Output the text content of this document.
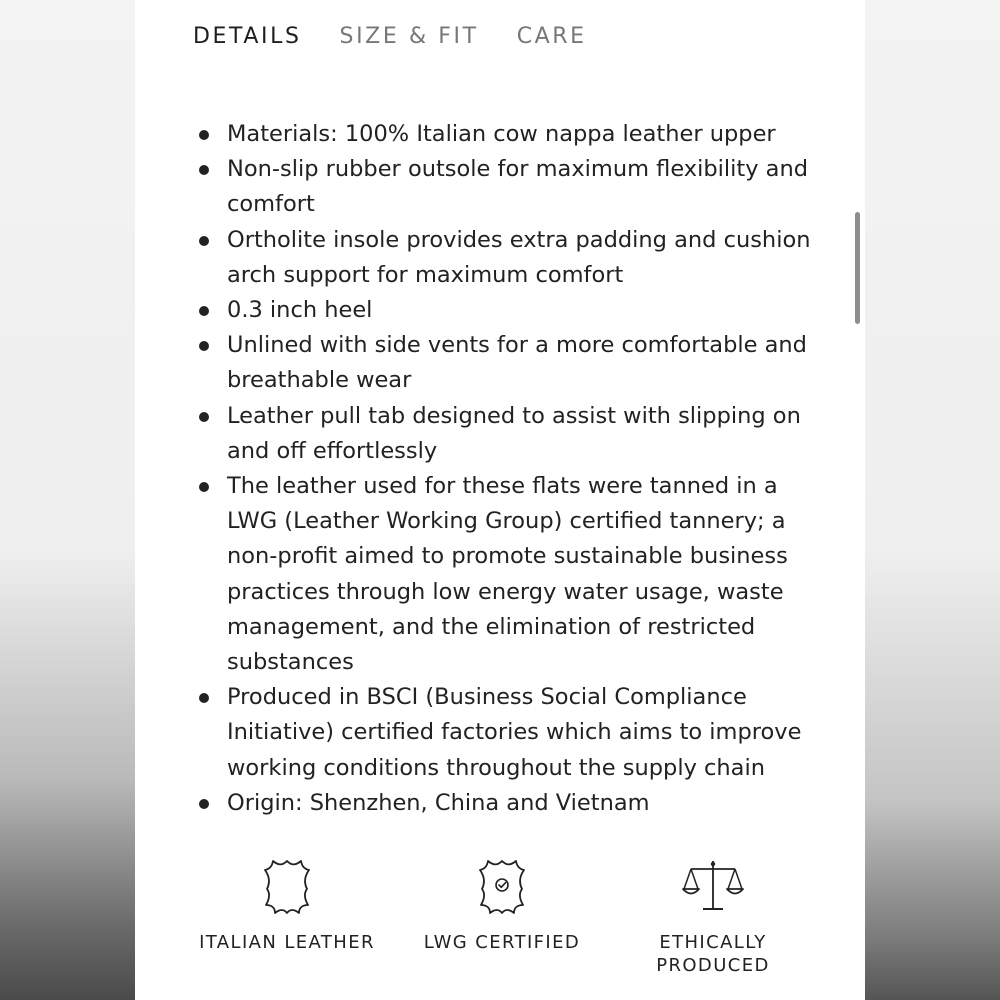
DETAILS SIZE & FIT CARE
Materials: 100% Italian cow nappa leather upper
Non-slip rubber outsole for maximum flexibility and comfort
Ortholite insole provides extra padding and cushion arch support for maximum comfort
0.3 inch heel
Unlined with side vents for a more comfortable and breathable wear
Leather pull tab designed to assist with slipping on and off effortlessly
The leather used for these flats were tanned in a LWG (Leather Working Group) certified tannery; a non-profit aimed to promote sustainable business practices through low energy water usage, waste management, and the elimination of restricted substances
Produced in BSCI (Business Social Compliance Initiative) certified factories which aims to improve working conditions throughout the supply chain
Origin: Shenzhen, China and Vietnam
ITALIAN LEATHER	LWG CERTIFIED	ETHICALLY PRODUCED
